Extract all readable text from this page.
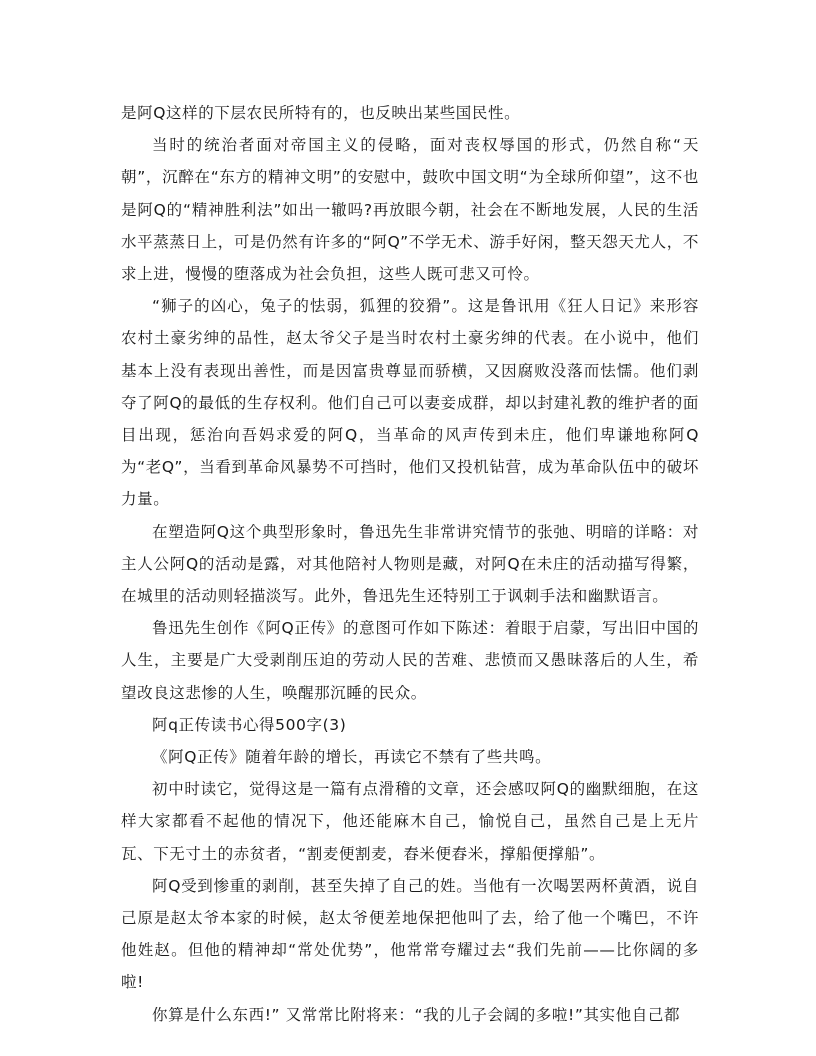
是阿Q这样的下层农民所特有的，也反映出某些国民性。

当时的统治者面对帝国主义的侵略，面对丧权辱国的形式，仍然自称“天朝”，沉醉在“东方的精神文明”的安慰中，鼓吹中国文明“为全球所仰望”，这不也是阿Q的“精神胜利法”如出一辙吗?再放眼今朝，社会在不断地发展，人民的生活水平蒸蒸日上，可是仍然有许多的“阿Q”不学无术、游手好闲，整天怨天尤人，不求上进，慢慢的堕落成为社会负担，这些人既可悲又可怜。

“狮子的凶心，兔子的怯弱，狐狸的狡猾”。这是鲁讯用《狂人日记》来形容农村土豪劣绅的品性，赵太爷父子是当时农村土豪劣绅的代表。在小说中，他们基本上没有表现出善性，而是因富贵尊显而骄横，又因腐败没落而怯懦。他们剥夺了阿Q的最低的生存权利。他们自己可以妻妾成群，却以封建礼教的维护者的面目出现，惩治向吾妈求爱的阿Q，当革命的风声传到未庄，他们卑谦地称阿Q为“老Q”，当看到革命风暴势不可挡时，他们又投机钻营，成为革命队伍中的破坏力量。

在塑造阿Q这个典型形象时，鲁迅先生非常讲究情节的张弛、明暗的详略：对主人公阿Q的活动是露，对其他陪衬人物则是藏，对阿Q在未庄的活动描写得繁，在城里的活动则轻描淡写。此外，鲁迅先生还特别工于讽刺手法和幽默语言。

鲁迅先生创作《阿Q正传》的意图可作如下陈述：着眼于启蒙，写出旧中国的人生，主要是广大受剥削压迫的劳动人民的苦难、悲愤而又愚昧落后的人生，希望改良这悲惨的人生，唤醒那沉睡的民众。

阿q正传读书心得500字(3)

《阿Q正传》随着年龄的增长，再读它不禁有了些共鸣。

初中时读它，觉得这是一篇有点滑稽的文章，还会感叹阿Q的幽默细胞，在这样大家都看不起他的情况下，他还能麻木自己，愉悦自己，虽然自己是上无片瓦、下无寸土的赤贫者，“割麦便割麦，舂米便舂米，撑船便撑船”。

阿Q受到惨重的剥削，甚至失掉了自己的姓。当他有一次喝罢两杯黄酒，说自己原是赵太爷本家的时候，赵太爷便差地保把他叫了去，给了他一个嘴巴，不许他姓赵。但他的精神却“常处优势”，他常常夸耀过去“我们先前——比你阔的多啦!

你算是什么东西!” 又常常比附将来：“我的儿子会阔的多啦!”其实他自己都
